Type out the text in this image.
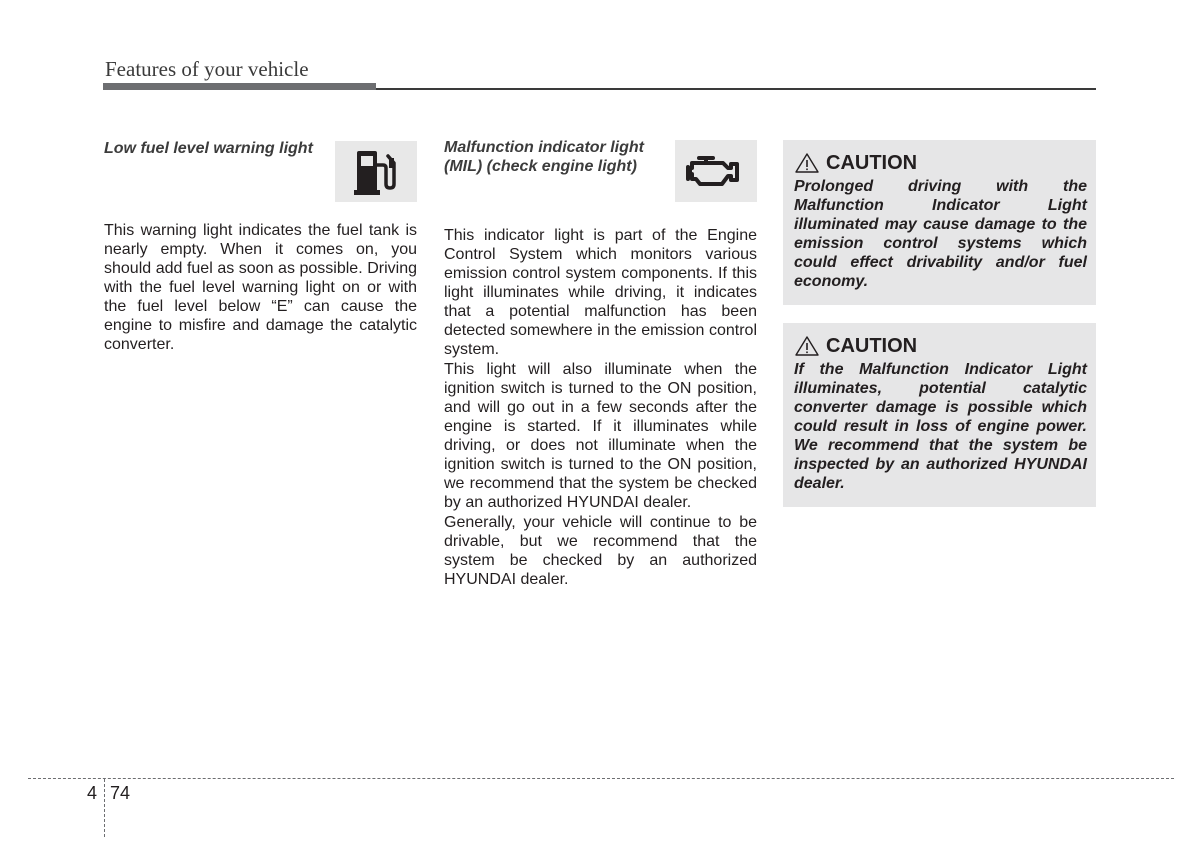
Features of your vehicle

Low fuel level warning light

This warning light indicates the fuel tank is nearly empty. When it comes on, you should add fuel as soon as possible. Driving with the fuel level warning light on or with the fuel level below “E” can cause the engine to misfire and damage the catalytic converter.

Malfunction indicator light (MIL) (check engine light)

This indicator light is part of the Engine Control System which monitors various emission control system components. If this light illuminates while driving, it indicates that a potential malfunction has been detected somewhere in the emission control system.

This light will also illuminate when the ignition switch is turned to the ON position, and will go out in a few seconds after the engine is started. If it illuminates while driving, or does not illuminate when the ignition switch is turned to the ON position, we recommend that the system be checked by an authorized HYUNDAI dealer.

Generally, your vehicle will continue to be drivable, but we recommend that the system be checked by an authorized HYUNDAI dealer.

CAUTION

Prolonged driving with the Malfunction Indicator Light illuminated may cause damage to the emission control systems which could effect drivability and/or fuel economy.

CAUTION

If the Malfunction Indicator Light illuminates, potential catalytic converter damage is possible which could result in loss of engine power. We recommend that the system be inspected by an authorized HYUNDAI dealer.

4 74
